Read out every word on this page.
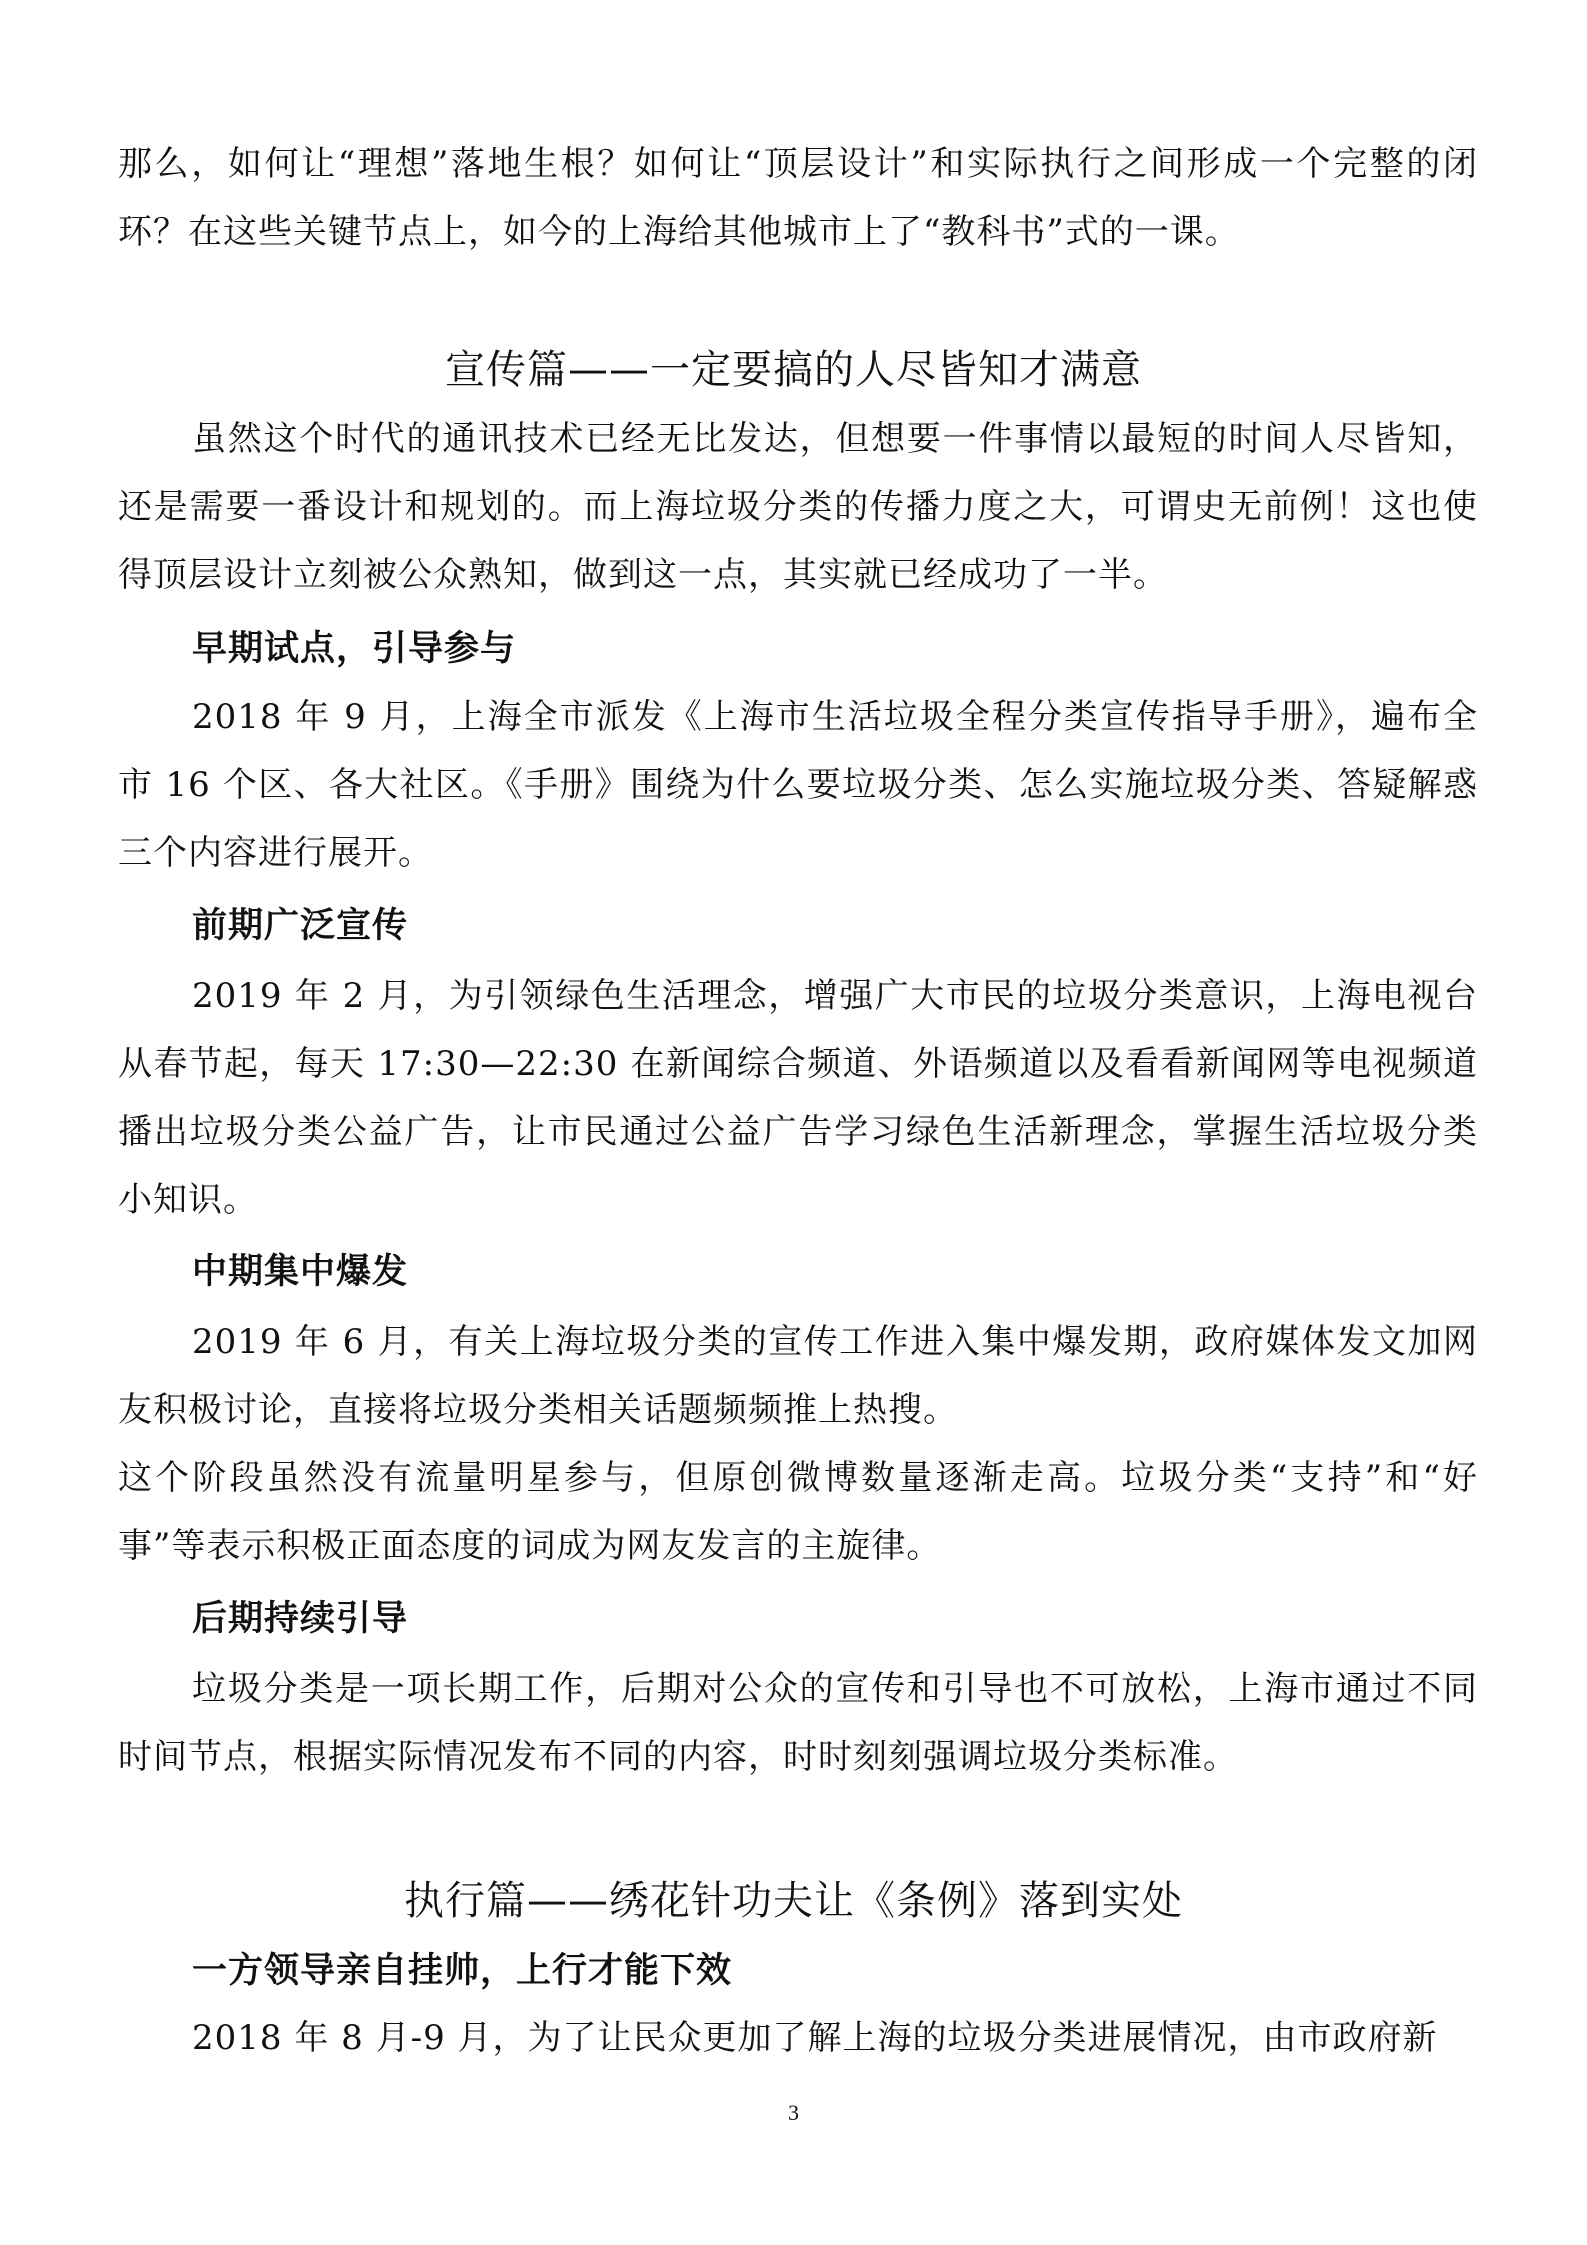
那么，如何让“理想”落地生根？如何让“顶层设计”和实际执行之间形成一个完整的闭环？在这些关键节点上，如今的上海给其他城市上了“教科书”式的一课。

宣传篇——一定要搞的人尽皆知才满意

虽然这个时代的通讯技术已经无比发达，但想要一件事情以最短的时间人尽皆知，还是需要一番设计和规划的。而上海垃圾分类的传播力度之大，可谓史无前例！这也使得顶层设计立刻被公众熟知，做到这一点，其实就已经成功了一半。

早期试点，引导参与

2018 年 9 月，上海全市派发《上海市生活垃圾全程分类宣传指导手册》，遍布全市 16 个区、各大社区。《手册》围绕为什么要垃圾分类、怎么实施垃圾分类、答疑解惑三个内容进行展开。

前期广泛宣传

2019 年 2 月，为引领绿色生活理念，增强广大市民的垃圾分类意识，上海电视台从春节起，每天 17:30—22:30 在新闻综合频道、外语频道以及看看新闻网等电视频道播出垃圾分类公益广告，让市民通过公益广告学习绿色生活新理念，掌握生活垃圾分类小知识。

中期集中爆发

2019 年 6 月，有关上海垃圾分类的宣传工作进入集中爆发期，政府媒体发文加网友积极讨论，直接将垃圾分类相关话题频频推上热搜。

这个阶段虽然没有流量明星参与，但原创微博数量逐渐走高。垃圾分类“支持”和“好事”等表示积极正面态度的词成为网友发言的主旋律。

后期持续引导

垃圾分类是一项长期工作，后期对公众的宣传和引导也不可放松，上海市通过不同时间节点，根据实际情况发布不同的内容，时时刻刻强调垃圾分类标准。

执行篇——绣花针功夫让《条例》落到实处
一方领导亲自挂帅，上行才能下效

2018 年 8 月-9 月，为了让民众更加了解上海的垃圾分类进展情况，由市政府新

3
